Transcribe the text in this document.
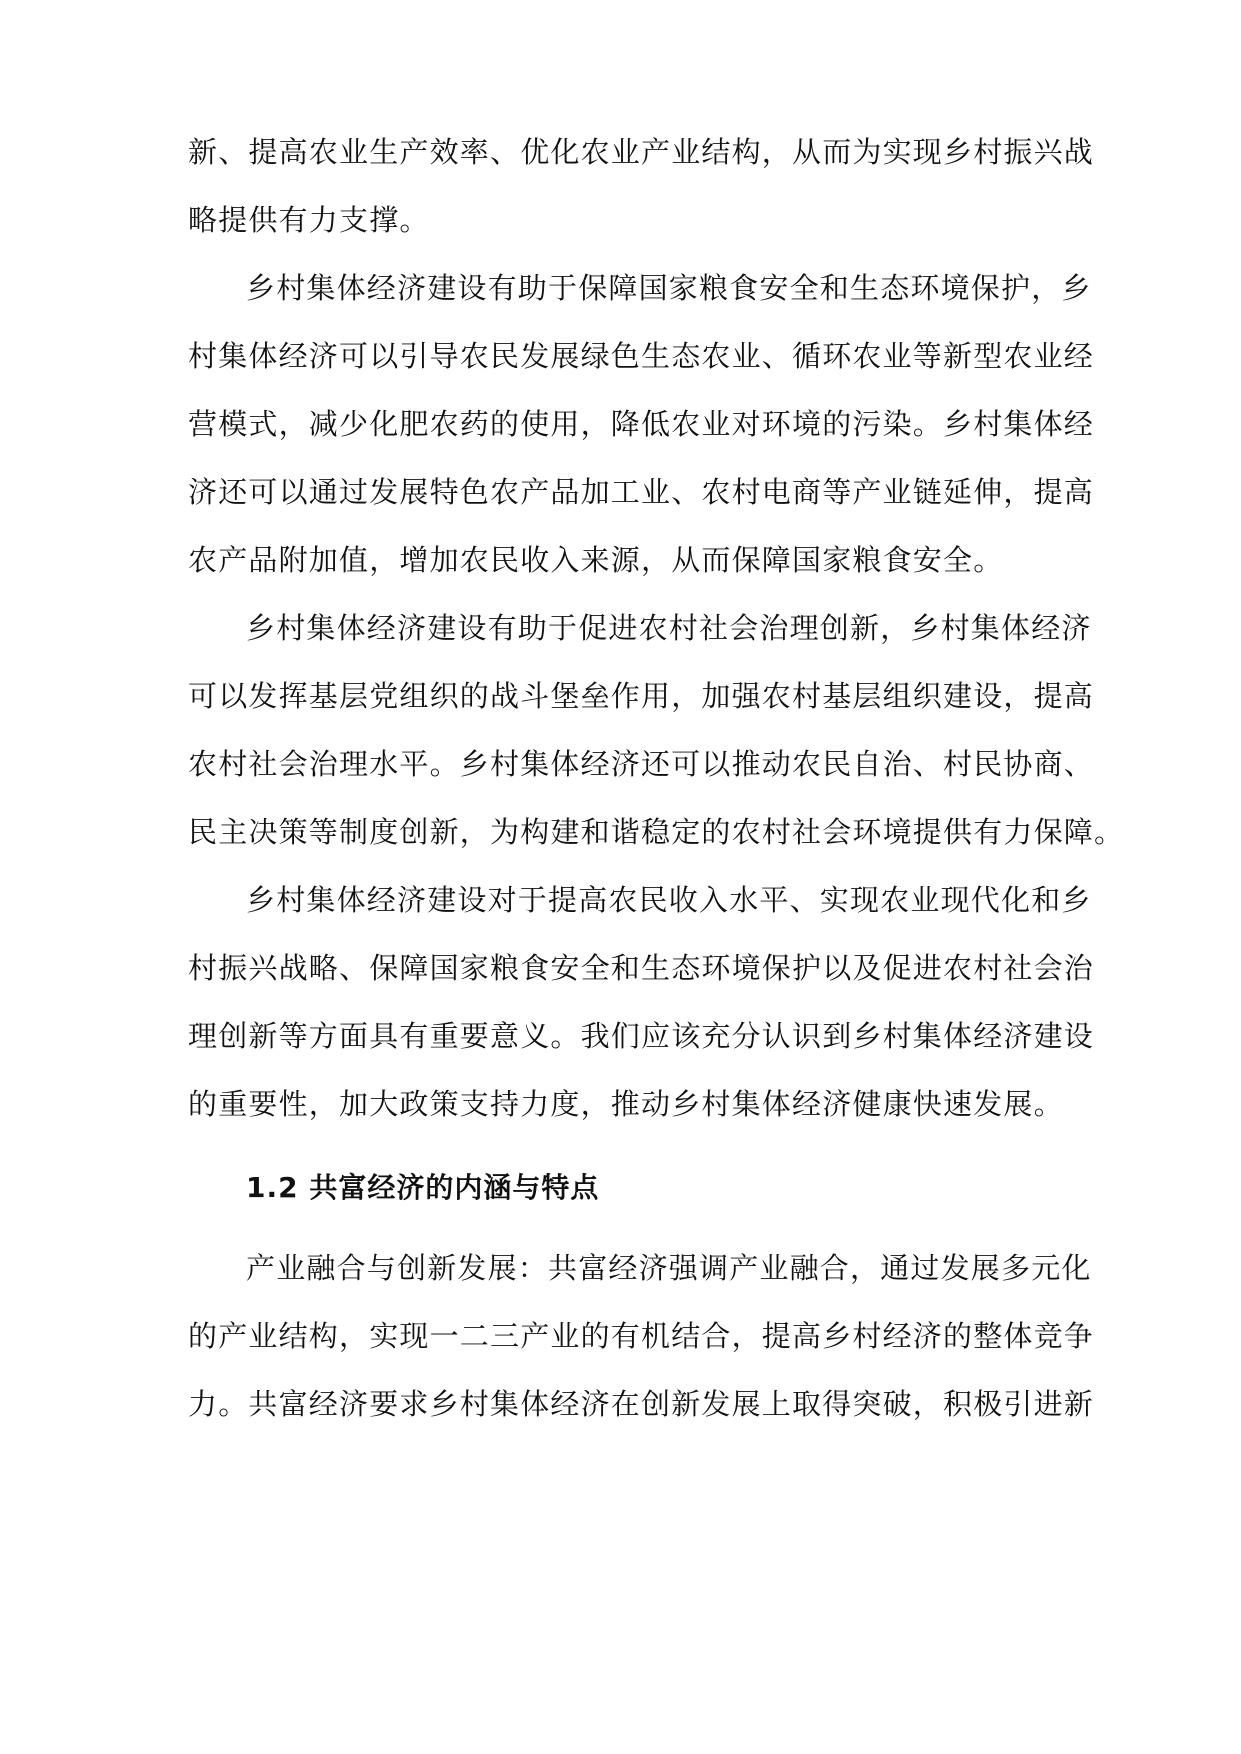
新、提高农业生产效率、优化农业产业结构，从而为实现乡村振兴战
略提供有力支撑。
乡村集体经济建设有助于保障国家粮食安全和生态环境保护，乡
村集体经济可以引导农民发展绿色生态农业、循环农业等新型农业经
营模式，减少化肥农药的使用，降低农业对环境的污染。乡村集体经
济还可以通过发展特色农产品加工业、农村电商等产业链延伸，提高
农产品附加值，增加农民收入来源，从而保障国家粮食安全。
乡村集体经济建设有助于促进农村社会治理创新，乡村集体经济
可以发挥基层党组织的战斗堡垒作用，加强农村基层组织建设，提高
农村社会治理水平。乡村集体经济还可以推动农民自治、村民协商、
民主决策等制度创新，为构建和谐稳定的农村社会环境提供有力保障。
乡村集体经济建设对于提高农民收入水平、实现农业现代化和乡
村振兴战略、保障国家粮食安全和生态环境保护以及促进农村社会治
理创新等方面具有重要意义。我们应该充分认识到乡村集体经济建设
的重要性，加大政策支持力度，推动乡村集体经济健康快速发展。
1.2 共富经济的内涵与特点
产业融合与创新发展：共富经济强调产业融合，通过发展多元化
的产业结构，实现一二三产业的有机结合，提高乡村经济的整体竞争
力。共富经济要求乡村集体经济在创新发展上取得突破，积极引进新
